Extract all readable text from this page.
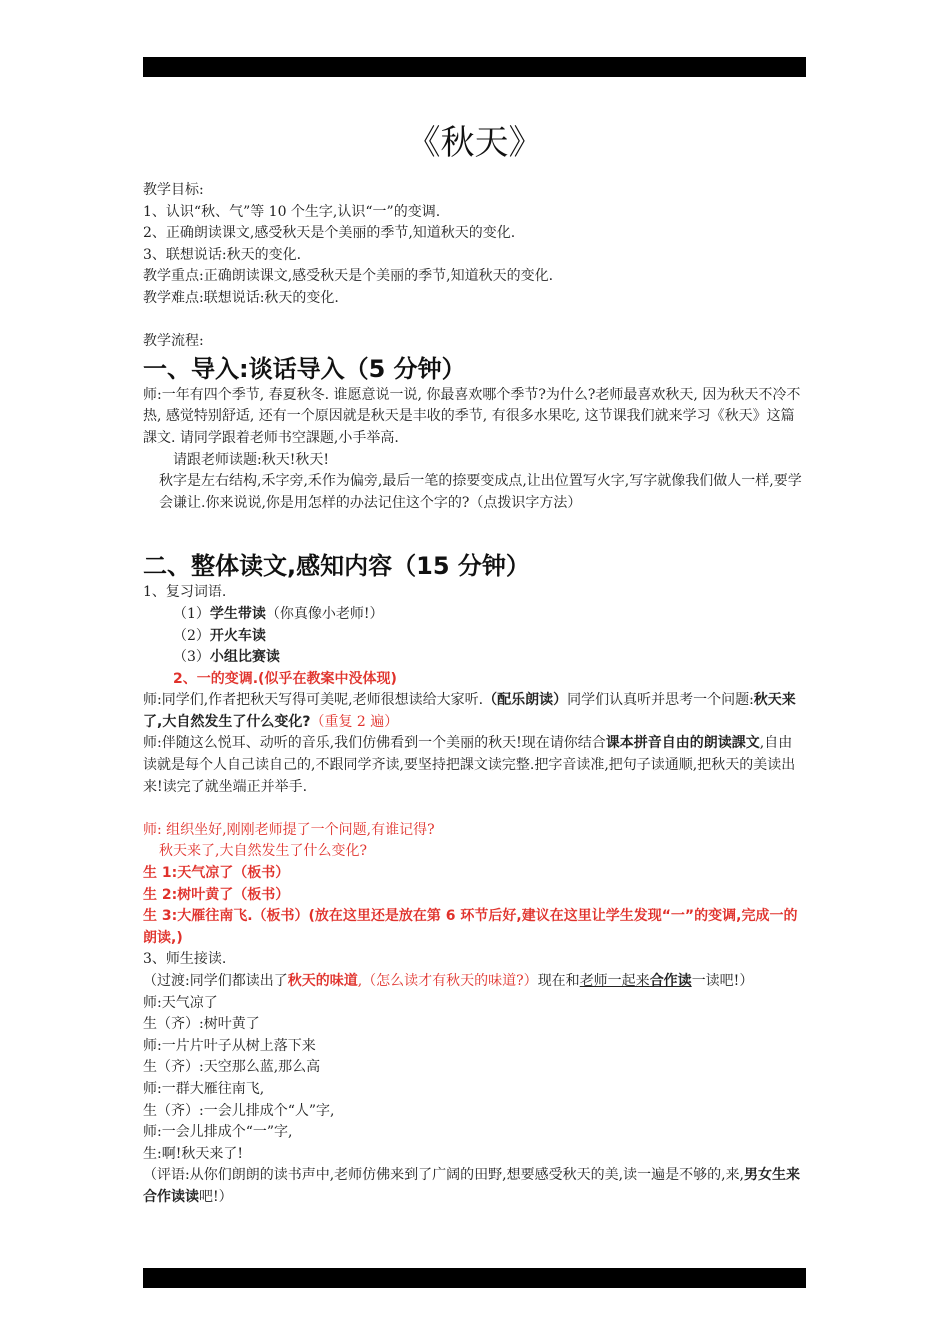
《秋天》

教学目标:

1、认识“秋、气”等 10 个生字,认识“一”的变调.

2、正确朗读课文,感受秋天是个美丽的季节,知道秋天的变化.

3、联想说话:秋天的变化.

教学重点:正确朗读课文,感受秋天是个美丽的季节,知道秋天的变化.

教学难点:联想说话:秋天的变化.

教学流程:

一、导入:谈话导入（5 分钟）

师:一年有四个季节, 春夏秋冬. 谁愿意说一说, 你最喜欢哪个季节?为什么?老师最喜欢秋天, 因为秋天不冷不热, 感觉特别舒适, 还有一个原因就是秋天是丰收的季节, 有很多水果吃, 这节课我们就来学习《秋天》这篇課文. 请同学跟着老师书空課题,小手举高.

请跟老师读题:秋天!秋天!

秋字是左右结构,禾字旁,禾作为偏旁,最后一笔的捺要变成点,让出位置写火字,写字就像我们做人一样,要学会谦让.你来说说,你是用怎样的办法记住这个字的?（点拨识字方法）

二、整体读文,感知内容（15 分钟）

1、复习词语.

（1）学生带读（你真像小老师!）

（2）开火车读

（3）小组比赛读

2、一的变调.(似乎在教案中没体现)

师:同学们,作者把秋天写得可美呢,老师很想读给大家听.（配乐朗读）同学们认真听并思考一个问题:秋天来了,大自然发生了什么变化?（重复 2 遍）

师:伴随这么悦耳、动听的音乐,我们仿佛看到一个美丽的秋天!现在请你结合课本拼音自由的朗读課文,自由读就是每个人自己读自己的,不跟同学齐读,要坚持把課文读完整.把字音读准,把句子读通顺,把秋天的美读出来!读完了就坐端正并举手.

师: 组织坐好,刚刚老师提了一个问题,有谁记得?

秋天来了,大自然发生了什么变化?

生 1:天气凉了（板书）

生 2:树叶黄了（板书）

生 3:大雁往南飞.（板书）(放在这里还是放在第 6 环节后好,建议在这里让学生发现“一”的变调,完成一的朗读,)

3、师生接读.

（过渡:同学们都读出了秋天的味道,（怎么读才有秋天的味道?）现在和老师一起来合作读一读吧!）

师:天气凉了

生（齐）:树叶黄了

师:一片片叶子从树上落下来

生（齐）:天空那么蓝,那么高

师:一群大雁往南飞,

生（齐）:一会儿排成个“人”字,

师:一会儿排成个“一”字,

生:啊!秋天来了!

（评语:从你们朗朗的读书声中,老师仿佛来到了广阔的田野,想要感受秋天的美,读一遍是不够的,来,男女生来合作读读吧!）
